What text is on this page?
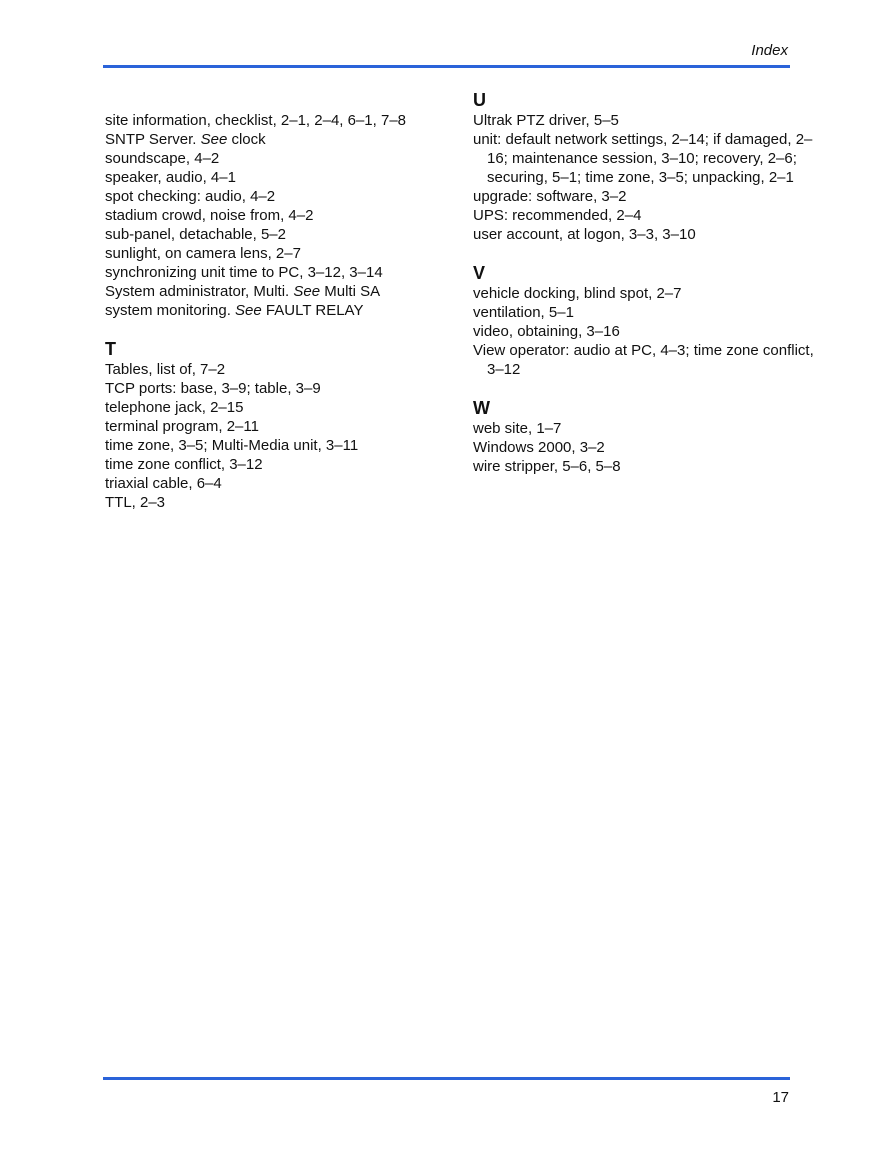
Index
site information, checklist, 2–1, 2–4, 6–1, 7–8
SNTP Server. See clock
soundscape, 4–2
speaker, audio, 4–1
spot checking: audio, 4–2
stadium crowd, noise from, 4–2
sub-panel, detachable, 5–2
sunlight, on camera lens, 2–7
synchronizing unit time to PC, 3–12, 3–14
System administrator, Multi. See Multi SA
system monitoring. See FAULT RELAY
T
Tables, list of, 7–2
TCP ports: base, 3–9; table, 3–9
telephone jack, 2–15
terminal program, 2–11
time zone, 3–5; Multi-Media unit, 3–11
time zone conflict, 3–12
triaxial cable, 6–4
TTL, 2–3
U
Ultrak PTZ driver, 5–5
unit: default network settings, 2–14; if damaged, 2–16; maintenance session, 3–10; recovery, 2–6; securing, 5–1; time zone, 3–5; unpacking, 2–1
upgrade: software, 3–2
UPS: recommended, 2–4
user account, at logon, 3–3, 3–10
V
vehicle docking, blind spot, 2–7
ventilation, 5–1
video, obtaining, 3–16
View operator: audio at PC, 4–3; time zone conflict, 3–12
W
web site, 1–7
Windows 2000, 3–2
wire stripper, 5–6, 5–8
17
